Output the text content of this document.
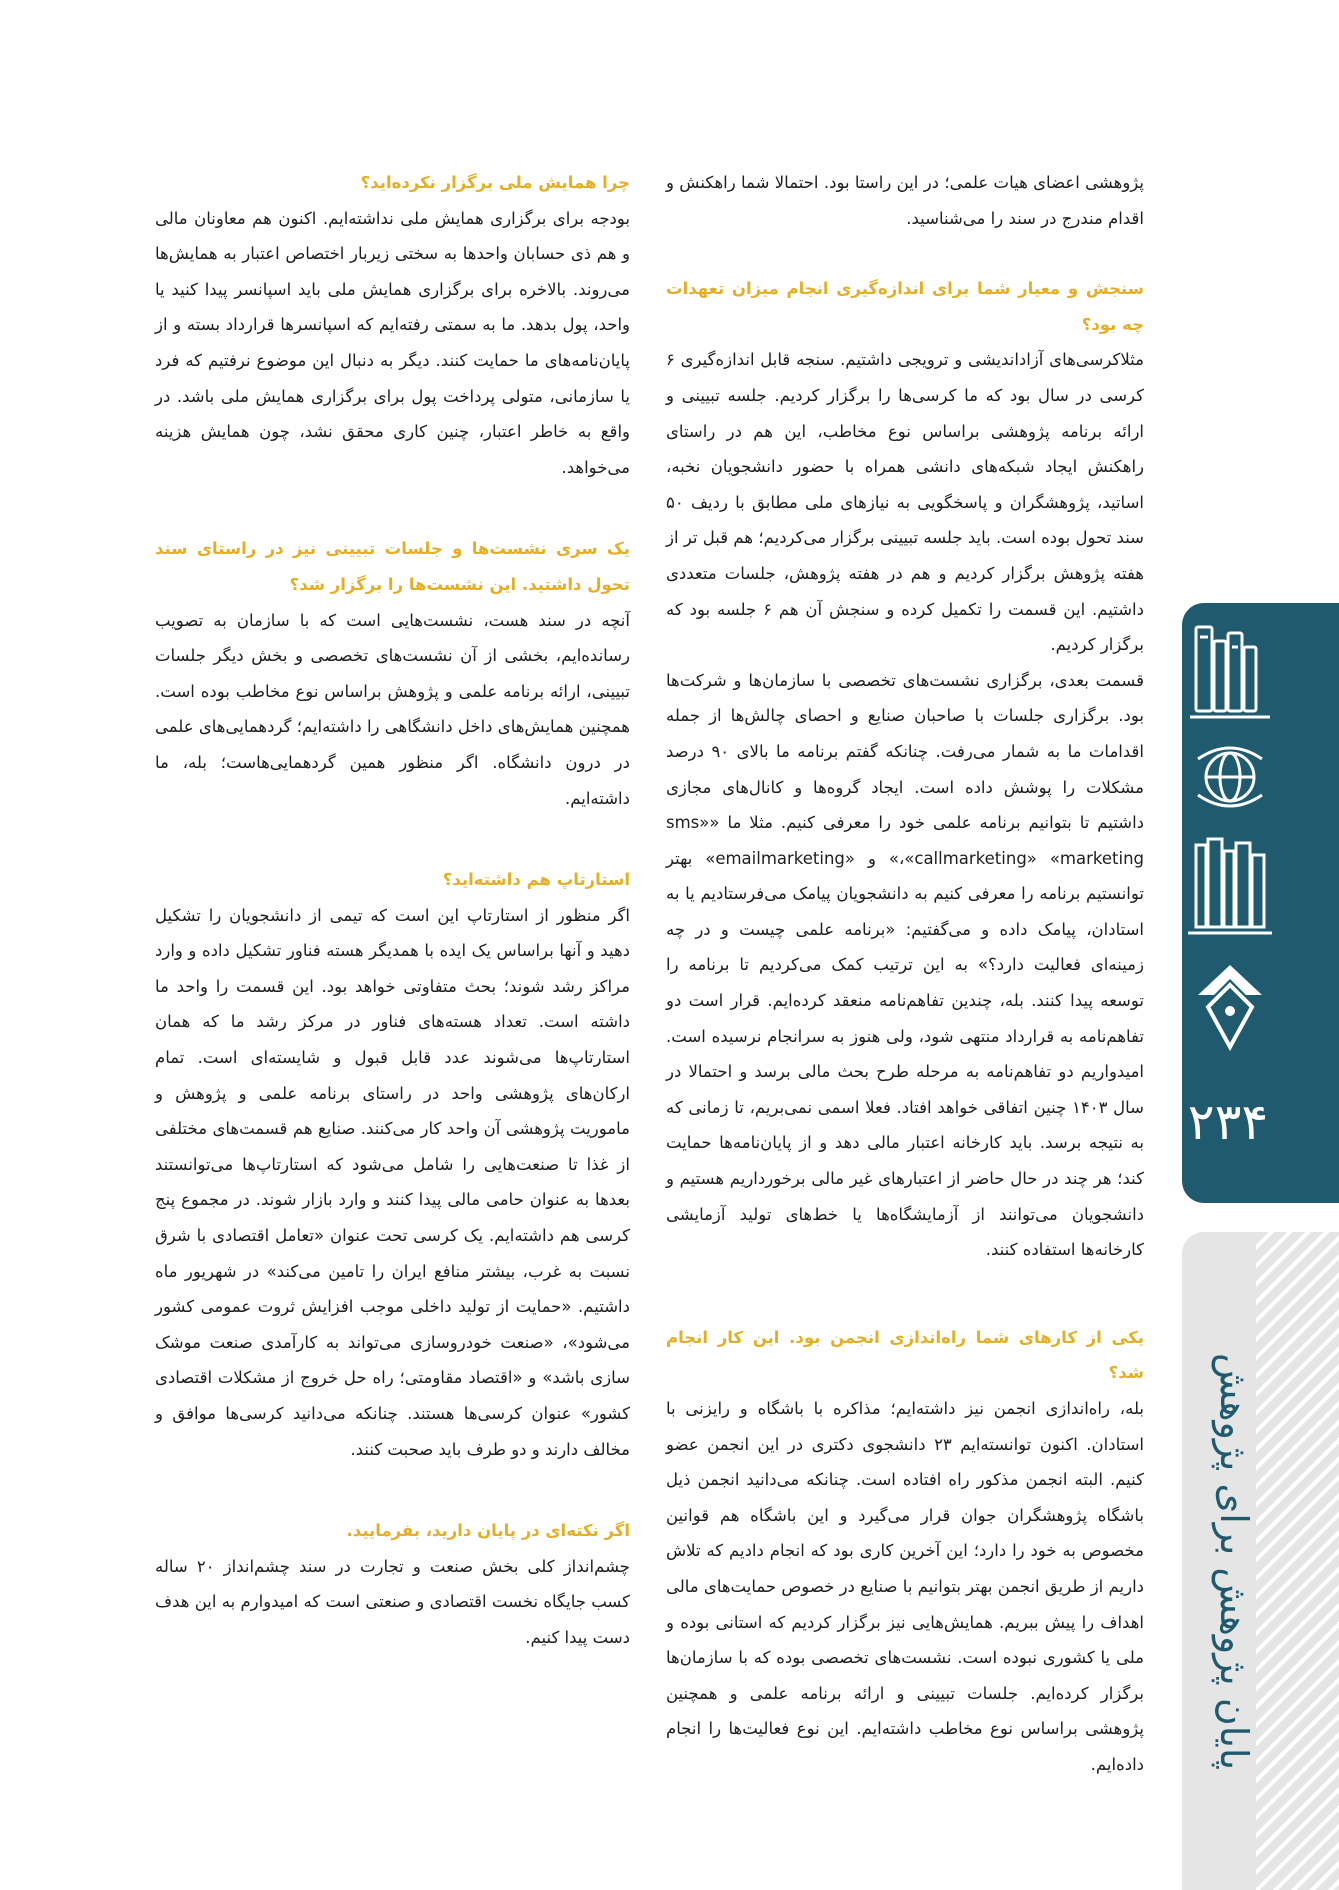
پژوهشی اعضای هیات علمی؛ در این راستا بود. احتمالا شما راهکنش و اقدام مندرج در سند را می‌شناسید.

سنجش و معیار شما برای اندازه‌گیری انجام میزان تعهدات چه بود؟

مثلاکرسی‌های آزاداندیشی و ترویجی داشتیم. سنجه قابل اندازه‌گیری ۶ کرسی در سال بود که ما کرسی‌ها را برگزار کردیم. جلسه تبیینی و ارائه برنامه پژوهشی براساس نوع مخاطب، این هم در راستای راهکنش ایجاد شبکه‌های دانشی همراه با حضور دانشجویان نخبه، اساتید، پژوهشگران و پاسخگویی به نیازهای ملی مطابق با ردیف ۵۰ سند تحول بوده است. باید جلسه تبیینی برگزار می‌کردیم؛ هم قبل تر از هفته پژوهش برگزار کردیم و هم در هفته پژوهش، جلسات متعددی داشتیم. این قسمت را تکمیل کرده و سنجش آن هم ۶ جلسه بود که برگزار کردیم.

قسمت بعدی، برگزاری نشست‌های تخصصی با سازمان‌ها و شرکت‌ها بود. برگزاری جلسات با صاحبان صنایع و احصای چالش‌ها از جمله اقدامات ما به شمار می‌رفت. چنانکه گفتم برنامه ما بالای ۹۰ درصد مشکلات را پوشش داده است. ایجاد گروه‌ها و کانال‌های مجازی داشتیم تا بتوانیم برنامه علمی خود را معرفی کنیم. مثلا ما «sms» ،«callmarketing» «marketing» و «emailmarketing» بهتر توانستیم برنامه را معرفی کنیم به دانشجویان پیامک می‌فرستادیم یا به استادان، پیامک داده و می‌گفتیم: «برنامه علمی چیست و در چه زمینه‌ای فعالیت دارد؟» به این ترتیب کمک می‌کردیم تا برنامه را توسعه پیدا کنند. بله، چندین تفاهم‌نامه منعقد کرده‌ایم. قرار است دو تفاهم‌نامه به قرارداد منتهی شود، ولی هنوز به سرانجام نرسیده است. امیدواریم دو تفاهم‌نامه به مرحله طرح بحث مالی برسد و احتمالا در سال ۱۴۰۳ چنین اتفاقی خواهد افتاد. فعلا اسمی نمی‌بریم، تا زمانی که به نتیجه برسد. باید کارخانه اعتبار مالی دهد و از پایان‌نامه‌ها حمایت کند؛ هر چند در حال حاضر از اعتبارهای غیر مالی برخورداریم هستیم و دانشجویان می‌توانند از آزمایشگاه‌ها یا خط‌های تولید آزمایشی کارخانه‌ها استفاده کنند.

یکی از کارهای شما راه‌اندازی انجمن بود. این کار انجام شد؟

بله، راه‌اندازی انجمن نیز داشته‌ایم؛ مذاکره با باشگاه و رایزنی با استادان. اکنون توانسته‌ایم ۲۳ دانشجوی دکتری در این انجمن عضو کنیم. البته انجمن مذکور راه افتاده است. چنانکه می‌دانید انجمن ذیل باشگاه پژوهشگران جوان قرار می‌گیرد و این باشگاه هم قوانین مخصوص به خود را دارد؛ این آخرین کاری بود که انجام دادیم که تلاش داریم از طریق انجمن بهتر بتوانیم با صنایع در خصوص حمایت‌های مالی اهداف را پیش ببریم. همایش‌هایی نیز برگزار کردیم که استانی بوده و ملی یا کشوری نبوده است. نشست‌های تخصصی بوده که با سازمان‌ها برگزار کرده‌ایم. جلسات تبیینی و ارائه برنامه علمی و همچنین پژوهشی براساس نوع مخاطب داشته‌ایم. این نوع فعالیت‌ها را انجام داده‌ایم.

چرا همایش ملی برگزار نکرده‌اید؟

بودجه برای برگزاری همایش ملی نداشته‌ایم. اکنون هم معاونان مالی و هم ذی حسابان واحدها به سختی زیربار اختصاص اعتبار به همایش‌ها می‌روند. بالاخره برای برگزاری همایش ملی باید اسپانسر پیدا کنید یا واحد، پول بدهد. ما به سمتی رفته‌ایم که اسپانسرها قرارداد بسته و از پایان‌نامه‌های ما حمایت کنند. دیگر به دنبال این موضوع نرفتیم که فرد یا سازمانی، متولی پرداخت پول برای برگزاری همایش ملی باشد. در واقع به خاطر اعتبار، چنین کاری محقق نشد، چون همایش هزینه می‌خواهد.

یک سری نشست‌ها و جلسات تبیینی نیز در راستای سند تحول داشتید. این نشست‌ها را برگزار شد؟

آنچه در سند هست، نشست‌هایی است که با سازمان به تصویب رسانده‌ایم، بخشی از آن نشست‌های تخصصی و بخش دیگر جلسات تبیینی، ارائه برنامه علمی و پژوهش براساس نوع مخاطب بوده است. همچنین همایش‌های داخل دانشگاهی را داشته‌ایم؛ گردهمایی‌های علمی در درون دانشگاه. اگر منظور همین گردهمایی‌هاست؛ بله، ما داشته‌ایم.

استارتاپ هم داشته‌اید؟

اگر منظور از استارتاپ این است که تیمی از دانشجویان را تشکیل دهید و آنها براساس یک ایده با همدیگر هسته فناور تشکیل داده و وارد مراکز رشد شوند؛ بحث متفاوتی خواهد بود. این قسمت را واحد ما داشته است. تعداد هسته‌های فناور در مرکز رشد ما که همان استارتاپ‌ها می‌شوند عدد قابل قبول و شایسته‌ای است. تمام ارکان‌های پژوهشی واحد در راستای برنامه علمی و پژوهش و ماموریت پژوهشی آن واحد کار می‌کنند. صنایع هم قسمت‌های مختلفی از غذا تا صنعت‌هایی را شامل می‌شود که استارتاپ‌ها می‌توانستند بعدها به عنوان حامی مالی پیدا کنند و وارد بازار شوند. در مجموع پنج کرسی هم داشته‌ایم. یک کرسی تحت عنوان «تعامل اقتصادی با شرق نسبت به غرب، بیشتر منافع ایران را تامین می‌کند» در شهریور ماه داشتیم. «حمایت از تولید داخلی موجب افزایش ثروت عمومی کشور می‌شود»، «صنعت خودروسازی می‌تواند به کارآمدی صنعت موشک سازی باشد» و «اقتصاد مقاومتی؛ راه حل خروج از مشکلات اقتصادی کشور» عنوان کرسی‌ها هستند. چنانکه می‌دانید کرسی‌ها موافق و مخالف دارند و دو طرف باید صحبت کنند.

اگر نکته‌ای در پایان دارید، بفرمایید.

چشم‌انداز کلی بخش صنعت و تجارت در سند چشم‌انداز ۲۰ ساله کسب جایگاه نخست اقتصادی و صنعتی است که امیدوارم به این هدف دست پیدا کنیم.

۲۳۴
پایان پژوهش برای پژوهش
